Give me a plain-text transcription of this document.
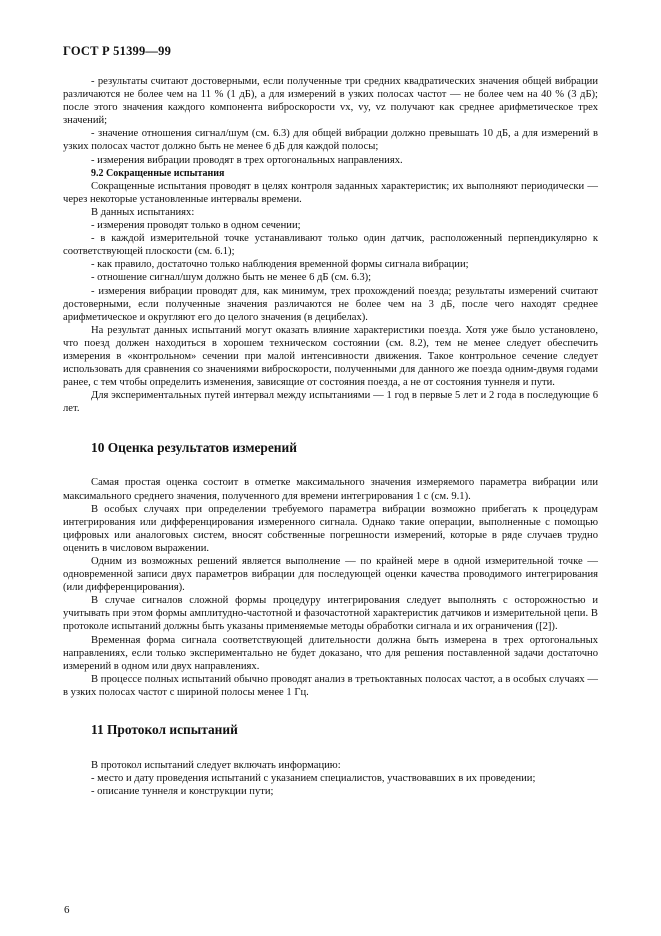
ГОСТ Р 51399—99

- результаты считают достоверными, если полученные три средних квадратических значения общей вибрации различаются не более чем на 11 % (1 дБ), а для измерений в узких полосах частот — не более чем на 40 % (3 дБ); после этого значения каждого компонента виброскорости vx, vy, vz получают как среднее арифметическое трех значений;

- значение отношения сигнал/шум (см. 6.3) для общей вибрации должно превышать 10 дБ, а для измерений в узких полосах частот должно быть не менее 6 дБ для каждой полосы;

- измерения вибрации проводят в трех ортогональных направлениях.

9.2 Сокращенные испытания

Сокращенные испытания проводят в целях контроля заданных характеристик; их выполняют периодически — через некоторые установленные интервалы времени.

В данных испытаниях:

- измерения проводят только в одном сечении;

- в каждой измерительной точке устанавливают только один датчик, расположенный перпендикулярно к соответствующей плоскости (см. 6.1);

- как правило, достаточно только наблюдения временной формы сигнала вибрации;

- отношение сигнал/шум должно быть не менее 6 дБ (см. 6.3);

- измерения вибрации проводят для, как минимум, трех прохождений поезда; результаты измерений считают достоверными, если полученные значения различаются не более чем на 3 дБ, после чего находят среднее арифметическое и округляют его до целого значения (в децибелах).

На результат данных испытаний могут оказать влияние характеристики поезда. Хотя уже было установлено, что поезд должен находиться в хорошем техническом состоянии (см. 8.2), тем не менее следует обеспечить измерения в «контрольном» сечении при малой интенсивности движения. Такое контрольное сечение следует использовать для сравнения со значениями виброскорости, полученными для данного же поезда одним-двумя годами ранее, с тем чтобы определить изменения, зависящие от состояния поезда, а не от состояния туннеля и пути.

Для экспериментальных путей интервал между испытаниями — 1 год в первые 5 лет и 2 года в последующие 6 лет.

10 Оценка результатов измерений

Самая простая оценка состоит в отметке максимального значения измеряемого параметра вибрации или максимального среднего значения, полученного для времени интегрирования 1 с (см. 9.1).

В особых случаях при определении требуемого параметра вибрации возможно прибегать к процедурам интегрирования или дифференцирования измеренного сигнала. Однако такие операции, выполненные с помощью цифровых или аналоговых систем, вносят собственные погрешности измерений, которые в ряде случаев трудно оценить в числовом выражении.

Одним из возможных решений является выполнение — по крайней мере в одной измерительной точке — одновременной записи двух параметров вибрации для последующей оценки качества проводимого интегрирования (или дифференцирования).

В случае сигналов сложной формы процедуру интегрирования следует выполнять с осторожностью и учитывать при этом формы амплитудно-частотной и фазочастотной характеристик датчиков и измерительной цепи. В протоколе испытаний должны быть указаны применяемые методы обработки сигнала и их ограничения ([2]).

Временная форма сигнала соответствующей длительности должна быть измерена в трех ортогональных направлениях, если только экспериментально не будет доказано, что для решения поставленной задачи достаточно измерений в одном или двух направлениях.

В процессе полных испытаний обычно проводят анализ в третьоктавных полосах частот, а в особых случаях — в узких полосах частот с шириной полосы менее 1 Гц.

11 Протокол испытаний

В протокол испытаний следует включать информацию:

- место и дату проведения испытаний с указанием специалистов, участвовавших в их проведении;

- описание туннеля и конструкции пути;

6
